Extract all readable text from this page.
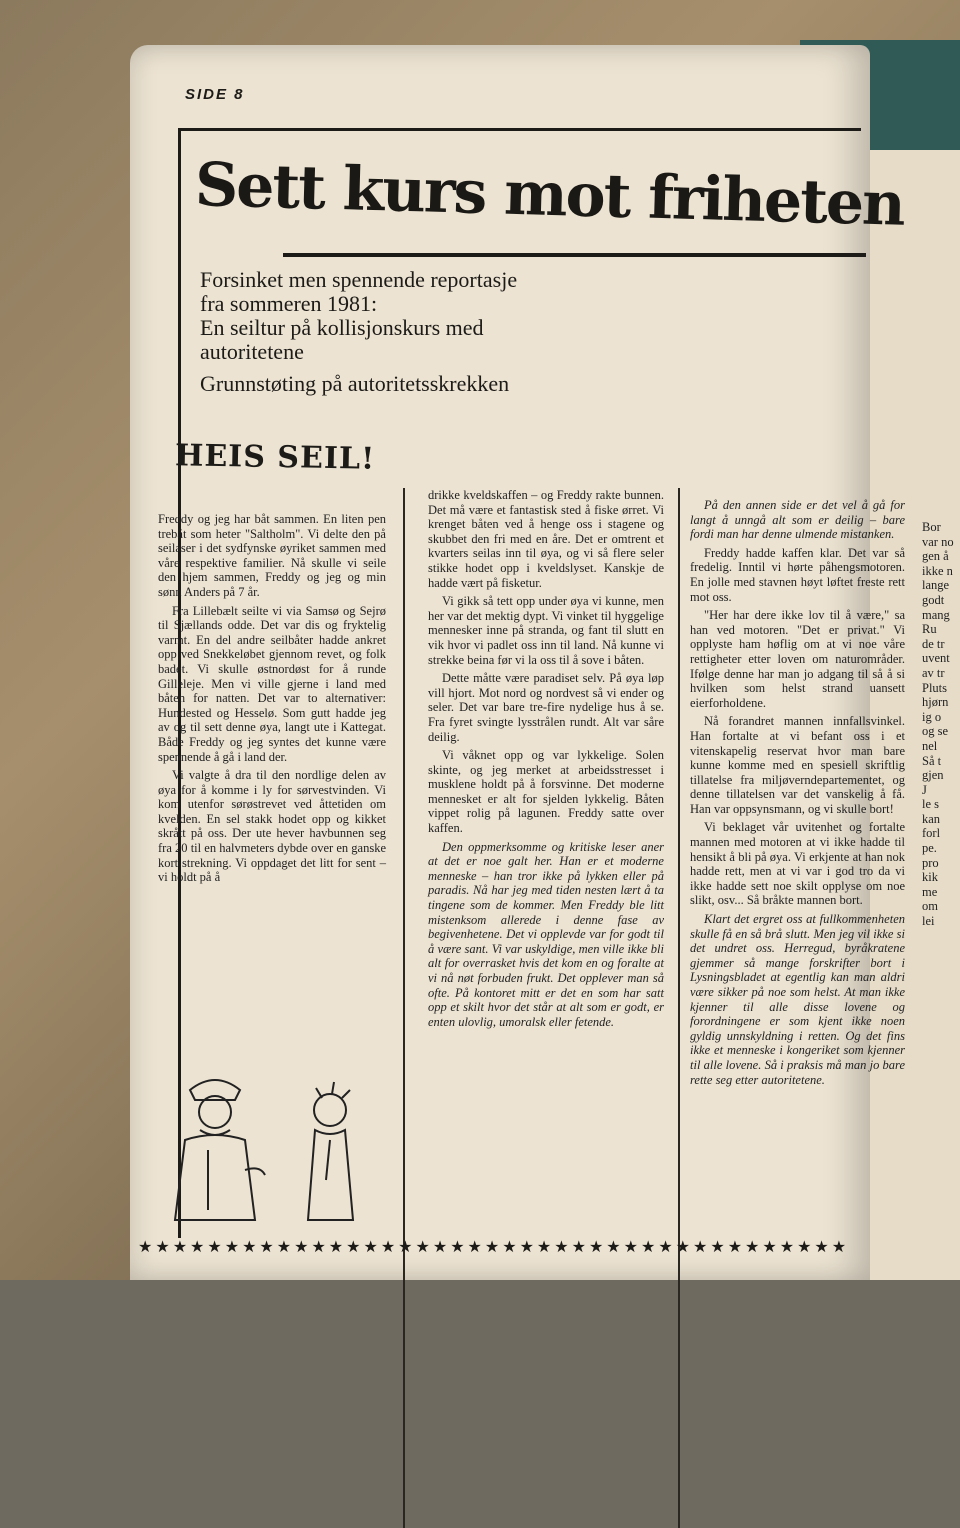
SIDE 8
Sett kurs mot friheten
Forsinket men spennende reportasje
fra sommeren 1981:
En seiltur på kollisjonskurs med
autoritetene
Grunnstøting på autoritetsskrekken
HEIS SEIL!

Freddy og jeg har båt sammen. En liten pen trebåt som heter "Saltholm". Vi delte den på seilaser i det sydfynske øyriket sammen med våre respektive familier. Nå skulle vi seile den hjem sammen, Freddy og jeg og min sønn Anders på 7 år.

Fra Lillebælt seilte vi via Samsø og Sejrø til Sjællands odde. Det var dis og fryktelig varmt. En del andre seilbåter hadde ankret opp ved Snekkeløbet gjennom revet, og folk badet. Vi skulle østnordøst for å runde Gilleleje. Men vi ville gjerne i land med båten for natten. Det var to alternativer: Hundested og Hesselø. Som gutt hadde jeg av og til sett denne øya, langt ute i Kattegat. Både Freddy og jeg syntes det kunne være spennende å gå i land der.

Vi valgte å dra til den nordlige delen av øya for å komme i ly for sørvestvinden. Vi kom utenfor sørøstrevet ved åttetiden om kvelden. En sel stakk hodet opp og kikket skrått på oss. Der ute hever havbunnen seg fra 20 til en halvmeters dybde over en ganske kort strekning. Vi oppdaget det litt for sent – vi holdt på å

drikke kveldskaffen – og Freddy rakte bunnen. Det må være et fantastisk sted å fiske ørret. Vi krenget båten ved å henge oss i stagene og skubbet den fri med en åre. Det er omtrent et kvarters seilas inn til øya, og vi så flere seler stikke hodet opp i kveldslyset. Kanskje de hadde vært på fisketur.

Vi gikk så tett opp under øya vi kunne, men her var det mektig dypt. Vi vinket til hyggelige mennesker inne på stranda, og fant til slutt en vik hvor vi padlet oss inn til land. Nå kunne vi strekke beina før vi la oss til å sove i båten.

Dette måtte være paradiset selv. På øya løp vill hjort. Mot nord og nordvest så vi ender og seler. Det var bare tre-fire nydelige hus å se. Fra fyret svingte lysstrålen rundt. Alt var såre deilig.

Vi våknet opp og var lykkelige. Solen skinte, og jeg merket at arbeidsstresset i musklene holdt på å forsvinne. Det moderne mennesket er alt for sjelden lykkelig. Båten vippet rolig på lagunen. Freddy satte over kaffen.

Den oppmerksomme og kritiske leser aner at det er noe galt her. Han er et moderne menneske – han tror ikke på lykken eller på paradis. Nå har jeg med tiden nesten lært å ta tingene som de kommer. Men Freddy ble litt mistenksom allerede i denne fase av begivenhetene. Det vi opplevde var for godt til å være sant. Vi var uskyldige, men ville ikke bli alt for overrasket hvis det kom en og foralte at vi nå nøt forbuden frukt. Det opplever man så ofte. På kontoret mitt er det en som har satt opp et skilt hvor det står at alt som er godt, er enten ulovlig, umoralsk eller fetende.

På den annen side er det vel å gå for langt å unngå alt som er deilig – bare fordi man har denne ulmende mistanken.

Freddy hadde kaffen klar. Det var så fredelig. Inntil vi hørte påhengsmotoren. En jolle med stavnen høyt løftet freste rett mot oss.

"Her har dere ikke lov til å være," sa han ved motoren. "Det er privat." Vi opplyste ham høflig om at vi noe våre rettigheter etter loven om naturområder. Ifølge denne har man jo adgang til så å si hvilken som helst strand uansett eierforholdene.

Nå forandret mannen innfallsvinkel. Han fortalte at vi befant oss i et vitenskapelig reservat hvor man bare kunne komme med en spesiell skriftlig tillatelse fra miljøverndepartementet, og denne tillatelsen var det vanskelig å få. Han var oppsynsmann, og vi skulle bort!

Vi beklaget vår uvitenhet og fortalte mannen med motoren at vi ikke hadde til hensikt å bli på øya. Vi erkjente at han nok hadde rett, men at vi var i god tro da vi ikke hadde sett noe skilt opplyse om noe slikt, osv... Så bråkte mannen bort.

Klart det ergret oss at fullkommenheten skulle få en så brå slutt. Men jeg vil ikke si det undret oss. Herregud, byråkratene gjemmer så mange forskrifter bort i Lysningsbladet at egentlig kan man aldri være sikker på noe som helst. At man ikke kjenner til alle disse lovene og forordningene er som kjent ikke noen gyldig unnskyldning i retten. Og det fins ikke et menneske i kongeriket som kjenner til alle lovene. Så i praksis må man jo bare rette seg etter autoritetene.

Bor
var no
gen å
ikke n
lange
godt
mang
Ru
de tr
uvent
av tr
Pluts
hjørn
ig o
og se
nel
Så t
gjen
J
le s
kan
forl
pe.
pro
kik
me
om
lei
★★★★★★★★★★★★★★★★★★★★★★★★★★★★★★★★★★★★★★★★★
